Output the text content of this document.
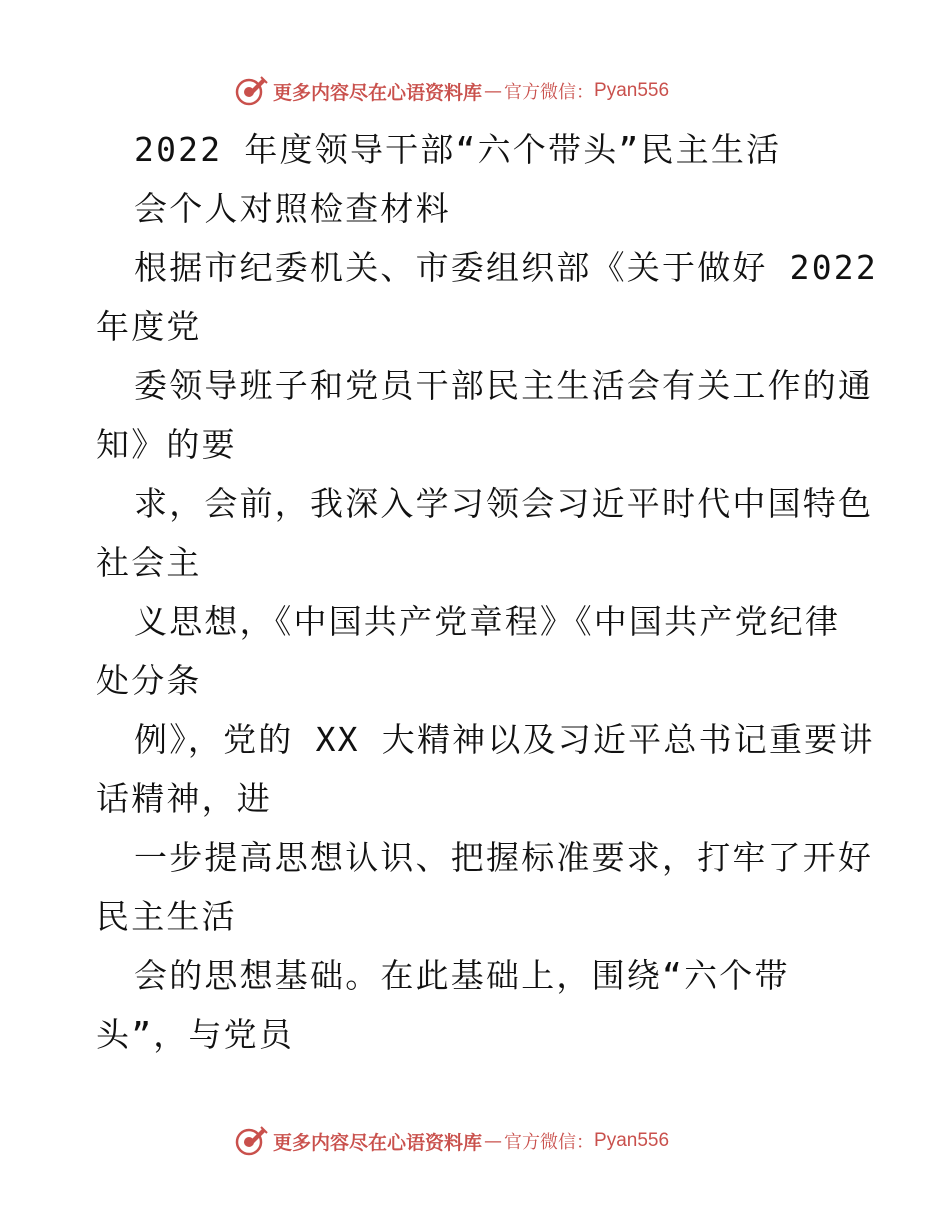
更多内容尽在心语资料库 — 官方微信： Pyan556
2022 年度领导干部“六个带头”民主生活
会个人对照检查材料
根据市纪委机关、市委组织部《关于做好 2022
年度党
委领导班子和党员干部民主生活会有关工作的通
知》的要
求，会前，我深入学习领会习近平时代中国特色
社会主
义思想，《中国共产党章程》《中国共产党纪律
处分条
例》，党的 XX 大精神以及习近平总书记重要讲
话精神，进
一步提高思想认识、把握标准要求，打牢了开好
民主生活
会的思想基础。在此基础上，围绕“六个带
头”，与党员
更多内容尽在心语资料库 — 官方微信： Pyan556
